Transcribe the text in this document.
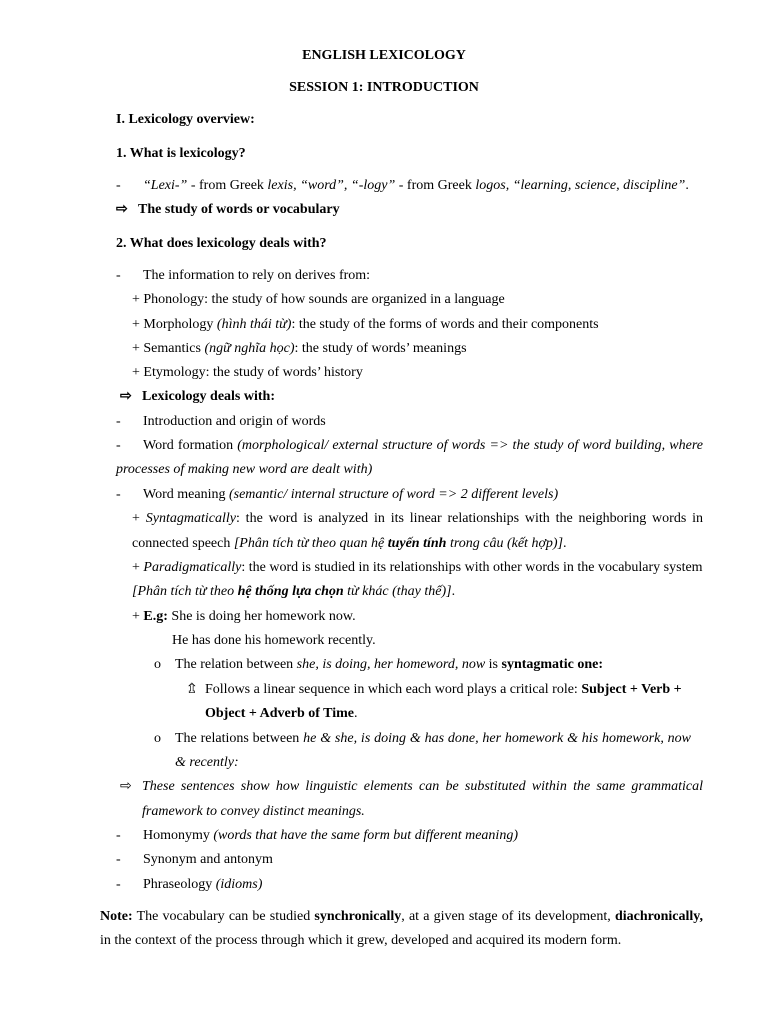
ENGLISH LEXICOLOGY
SESSION 1: INTRODUCTION
I. Lexicology overview:
1. What is lexicology?
- “Lexi-” - from Greek lexis, “word”, “-logy” - from Greek logos, “learning, science, discipline”.
⇨ The study of words or vocabulary
2. What does lexicology deals with?
- The information to rely on derives from:
+ Phonology: the study of how sounds are organized in a language
+ Morphology (hình thái từ): the study of the forms of words and their components
+ Semantics (ngữ nghĩa học): the study of words’ meanings
+ Etymology: the study of words’ history
⇨ Lexicology deals with:
- Introduction and origin of words
- Word formation (morphological/ external structure of words => the study of word building, where
processes of making new word are dealt with)
- Word meaning (semantic/ internal structure of word => 2 different levels)
+ Syntagmatically: the word is analyzed in its linear relationships with the neighboring words in
connected speech [Phân tích từ theo quan hệ tuyến tính trong câu (kết hợp)].
+ Paradigmatically: the word is studied in its relationships with other words in the vocabulary system
[Phân tích từ theo hệ thống lựa chọn từ khác (thay thế)].
+ E.g: She is doing her homework now.
He has done his homework recently.
o The relation between she, is doing, her homeword, now is syntagmatic one:
⇬ Follows a linear sequence in which each word plays a critical role: Subject + Verb +
Object + Adverb of Time.
o The relations between he & she, is doing & has done, her homework & his homework, now
& recently:
⇨ These sentences show how linguistic elements can be substituted within the same grammatical
framework to convey distinct meanings.
- Homonymy (words that have the same form but different meaning)
- Synonym and antonym
- Phraseology (idioms)
Note: The vocabulary can be studied synchronically, at a given stage of its development, diachronically,
in the context of the process through which it grew, developed and acquired its modern form.
